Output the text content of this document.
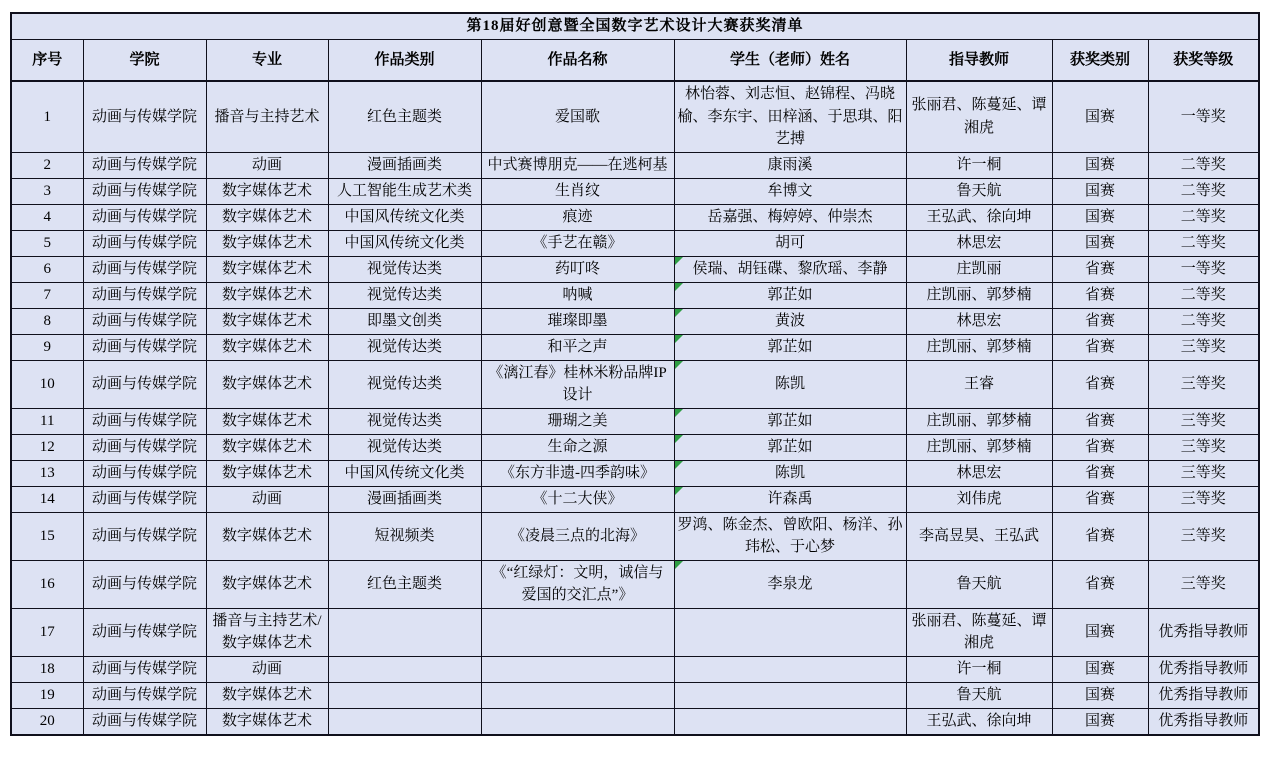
第18届好创意暨全国数字艺术设计大赛获奖清单								
序号	学院	专业	作品类别	作品名称	学生（老师）姓名	指导教师	获奖类别	获奖等级
1	动画与传媒学院	播音与主持艺术	红色主题类	爱国歌	林怡蓉、刘志恒、赵锦程、冯晓榆、李东宇、田梓涵、于思琪、阳艺搏	张丽君、陈蔓延、谭湘虎	国赛	一等奖
2	动画与传媒学院	动画	漫画插画类	中式赛博朋克——在逃柯基	康雨溪	许一桐	国赛	二等奖
3	动画与传媒学院	数字媒体艺术	人工智能生成艺术类	生肖纹	牟博文	鲁天航	国赛	二等奖
4	动画与传媒学院	数字媒体艺术	中国风传统文化类	痕迹	岳嘉强、梅婷婷、仲崇杰	王弘武、徐向坤	国赛	二等奖
5	动画与传媒学院	数字媒体艺术	中国风传统文化类	《手艺在赣》	胡可	林思宏	国赛	二等奖
6	动画与传媒学院	数字媒体艺术	视觉传达类	药叮咚	侯瑞、胡钰碟、黎欣瑶、李静	庄凯丽	省赛	一等奖
7	动画与传媒学院	数字媒体艺术	视觉传达类	呐喊	郭芷如	庄凯丽、郭梦楠	省赛	二等奖
8	动画与传媒学院	数字媒体艺术	即墨文创类	璀璨即墨	黄波	林思宏	省赛	二等奖
9	动画与传媒学院	数字媒体艺术	视觉传达类	和平之声	郭芷如	庄凯丽、郭梦楠	省赛	三等奖
10	动画与传媒学院	数字媒体艺术	视觉传达类	《漓江春》桂林米粉品牌IP设计	陈凯	王睿	省赛	三等奖
11	动画与传媒学院	数字媒体艺术	视觉传达类	珊瑚之美	郭芷如	庄凯丽、郭梦楠	省赛	三等奖
12	动画与传媒学院	数字媒体艺术	视觉传达类	生命之源	郭芷如	庄凯丽、郭梦楠	省赛	三等奖
13	动画与传媒学院	数字媒体艺术	中国风传统文化类	《东方非遗-四季韵味》	陈凯	林思宏	省赛	三等奖
14	动画与传媒学院	动画	漫画插画类	《十二大侠》	许森禹	刘伟虎	省赛	三等奖
15	动画与传媒学院	数字媒体艺术	短视频类	《凌晨三点的北海》	罗鸿、陈金杰、曾欧阳、杨洋、孙玮松、于心梦	李高昱昊、王弘武	省赛	三等奖
16	动画与传媒学院	数字媒体艺术	红色主题类	《“红绿灯：文明，诚信与爱国的交汇点”》	李泉龙	鲁天航	省赛	三等奖
17	动画与传媒学院	播音与主持艺术/数字媒体艺术				张丽君、陈蔓延、谭湘虎	国赛	优秀指导教师
18	动画与传媒学院	动画				许一桐	国赛	优秀指导教师
19	动画与传媒学院	数字媒体艺术				鲁天航	国赛	优秀指导教师
20	动画与传媒学院	数字媒体艺术				王弘武、徐向坤	国赛	优秀指导教师
